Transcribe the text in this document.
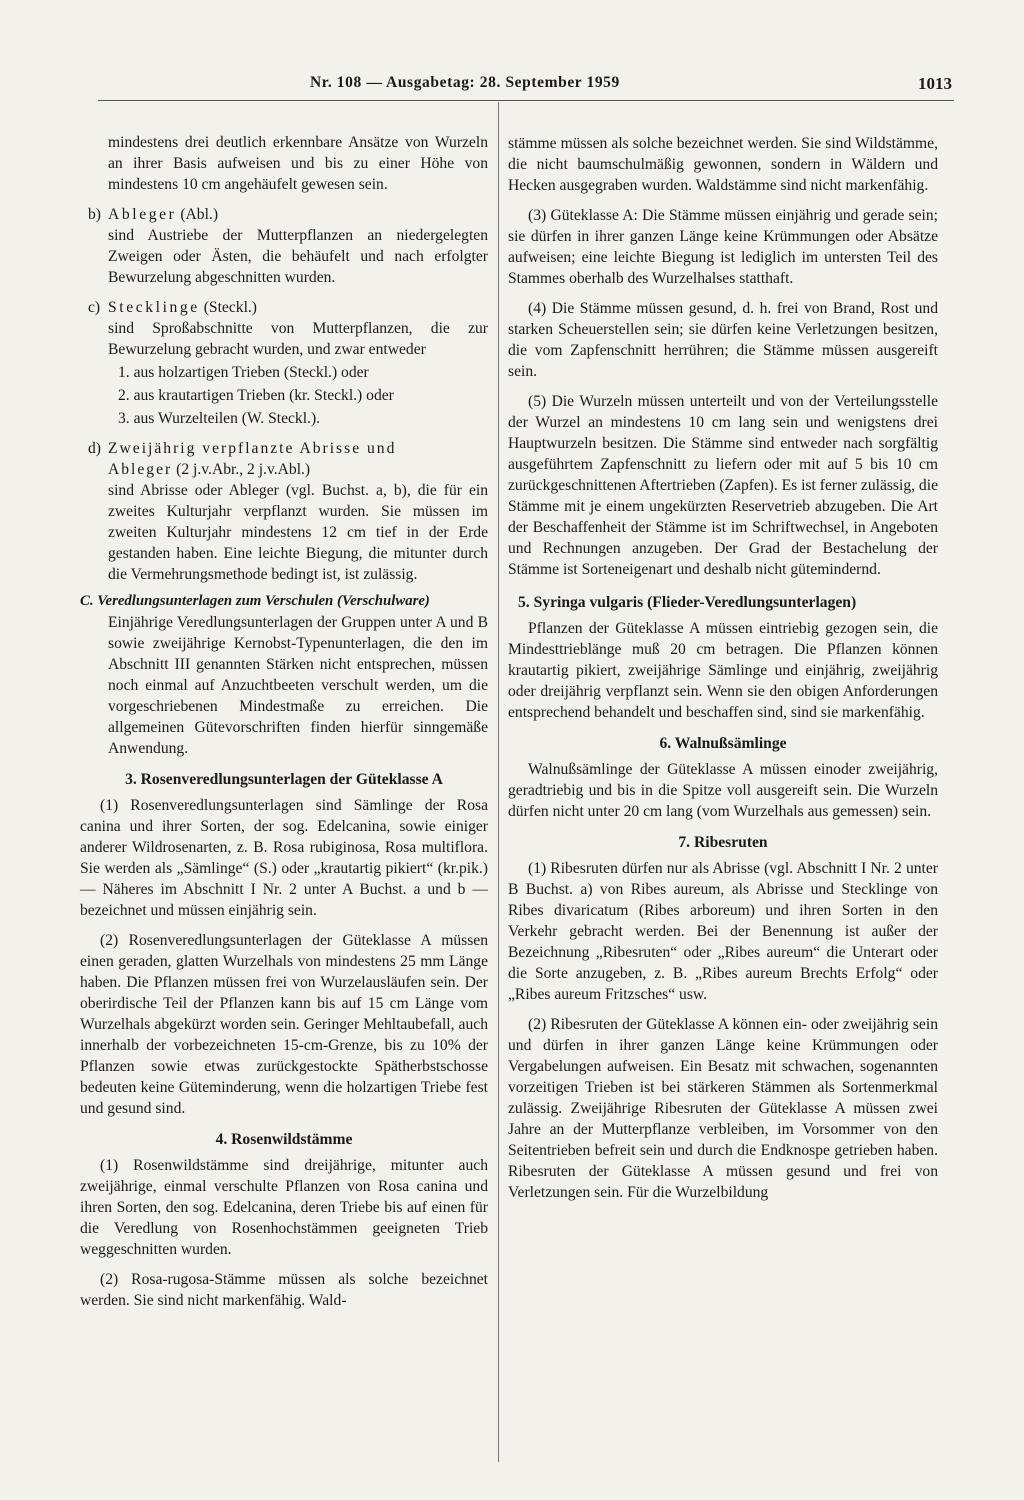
Nr. 108 — Ausgabetag: 28. September 1959	1013

mindestens drei deutlich erkennbare Ansätze von Wurzeln an ihrer Basis aufweisen und bis zu einer Höhe von mindestens 10 cm angehäufelt gewesen sein.

b) Ableger (Abl.)

sind Austriebe der Mutterpflanzen an niedergelegten Zweigen oder Ästen, die behäufelt und nach erfolgter Bewurzelung abgeschnitten wurden.

c) Stecklinge (Steckl.)

sind Sproßabschnitte von Mutterpflanzen, die zur Bewurzelung gebracht wurden, und zwar entweder

1. aus holzartigen Trieben (Steckl.) oder

2. aus krautartigen Trieben (kr. Steckl.) oder

3. aus Wurzelteilen (W. Steckl.).

d) Zweijährig verpflanzte Abrisse und
Ableger (2 j.v.Abr., 2 j.v.Abl.)

sind Abrisse oder Ableger (vgl. Buchst. a, b), die für ein zweites Kulturjahr verpflanzt wurden. Sie müssen im zweiten Kulturjahr mindestens 12 cm tief in der Erde gestanden haben. Eine leichte Biegung, die mitunter durch die Vermehrungsmethode bedingt ist, ist zulässig.

C. Veredlungsunterlagen zum Verschulen (Verschulware)

Einjährige Veredlungsunterlagen der Gruppen unter A und B sowie zweijährige Kernobst-Typenunterlagen, die den im Abschnitt III genannten Stärken nicht entsprechen, müssen noch einmal auf Anzuchtbeeten verschult werden, um die vorgeschriebenen Mindestmaße zu erreichen. Die allgemeinen Gütevorschriften finden hierfür sinngemäße Anwendung.

3. Rosenveredlungsunterlagen der Güteklasse A

(1) Rosenveredlungsunterlagen sind Sämlinge der Rosa canina und ihrer Sorten, der sog. Edelcanina, sowie einiger anderer Wildrosenarten, z. B. Rosa rubiginosa, Rosa multiflora. Sie werden als „Sämlinge“ (S.) oder „krautartig pikiert“ (kr.pik.) — Näheres im Abschnitt I Nr. 2 unter A Buchst. a und b — bezeichnet und müssen einjährig sein.

(2) Rosenveredlungsunterlagen der Güteklasse A müssen einen geraden, glatten Wurzelhals von mindestens 25 mm Länge haben. Die Pflanzen müssen frei von Wurzelausläufen sein. Der oberirdische Teil der Pflanzen kann bis auf 15 cm Länge vom Wurzelhals abgekürzt worden sein. Geringer Mehltaubefall, auch innerhalb der vorbezeichneten 15-cm-Grenze, bis zu 10% der Pflanzen sowie etwas zurückgestockte Spätherbstschosse bedeuten keine Güteminderung, wenn die holzartigen Triebe fest und gesund sind.

4. Rosenwildstämme

(1) Rosenwildstämme sind dreijährige, mitunter auch zweijährige, einmal verschulte Pflanzen von Rosa canina und ihren Sorten, den sog. Edelcanina, deren Triebe bis auf einen für die Veredlung von Rosenhochstämmen geeigneten Trieb weggeschnitten wurden.

(2) Rosa-rugosa-Stämme müssen als solche bezeichnet werden. Sie sind nicht markenfähig. Wald-

stämme müssen als solche bezeichnet werden. Sie sind Wildstämme, die nicht baumschulmäßig gewonnen, sondern in Wäldern und Hecken ausgegraben wurden. Waldstämme sind nicht markenfähig.

(3) Güteklasse A: Die Stämme müssen einjährig und gerade sein; sie dürfen in ihrer ganzen Länge keine Krümmungen oder Absätze aufweisen; eine leichte Biegung ist lediglich im untersten Teil des Stammes oberhalb des Wurzelhalses statthaft.

(4) Die Stämme müssen gesund, d. h. frei von Brand, Rost und starken Scheuerstellen sein; sie dürfen keine Verletzungen besitzen, die vom Zapfenschnitt herrühren; die Stämme müssen ausgereift sein.

(5) Die Wurzeln müssen unterteilt und von der Verteilungsstelle der Wurzel an mindestens 10 cm lang sein und wenigstens drei Hauptwurzeln besitzen. Die Stämme sind entweder nach sorgfältig ausgeführtem Zapfenschnitt zu liefern oder mit auf 5 bis 10 cm zurückgeschnittenen Aftertrieben (Zapfen). Es ist ferner zulässig, die Stämme mit je einem ungekürzten Reservetrieb abzugeben. Die Art der Beschaffenheit der Stämme ist im Schriftwechsel, in Angeboten und Rechnungen anzugeben. Der Grad der Bestachelung der Stämme ist Sorteneigenart und deshalb nicht gütemindernd.

5. Syringa vulgaris (Flieder-Veredlungsunterlagen)

Pflanzen der Güteklasse A müssen eintriebig gezogen sein, die Mindesttrieblänge muß 20 cm betragen. Die Pflanzen können krautartig pikiert, zweijährige Sämlinge und einjährig, zweijährig oder dreijährig verpflanzt sein. Wenn sie den obigen Anforderungen entsprechend behandelt und beschaffen sind, sind sie markenfähig.

6. Walnußsämlinge

Walnußsämlinge der Güteklasse A müssen einoder zweijährig, geradtriebig und bis in die Spitze voll ausgereift sein. Die Wurzeln dürfen nicht unter 20 cm lang (vom Wurzelhals aus gemessen) sein.

7. Ribesruten

(1) Ribesruten dürfen nur als Abrisse (vgl. Abschnitt I Nr. 2 unter B Buchst. a) von Ribes aureum, als Abrisse und Stecklinge von Ribes divaricatum (Ribes arboreum) und ihren Sorten in den Verkehr gebracht werden. Bei der Benennung ist außer der Bezeichnung „Ribesruten“ oder „Ribes aureum“ die Unterart oder die Sorte anzugeben, z. B. „Ribes aureum Brechts Erfolg“ oder „Ribes aureum Fritzsches“ usw.

(2) Ribesruten der Güteklasse A können ein- oder zweijährig sein und dürfen in ihrer ganzen Länge keine Krümmungen oder Vergabelungen aufweisen. Ein Besatz mit schwachen, sogenannten vorzeitigen Trieben ist bei stärkeren Stämmen als Sortenmerkmal zulässig. Zweijährige Ribesruten der Güteklasse A müssen zwei Jahre an der Mutterpflanze verbleiben, im Vorsommer von den Seitentrieben befreit sein und durch die Endknospe getrieben haben. Ribesruten der Güteklasse A müssen gesund und frei von Verletzungen sein. Für die Wurzelbildung
